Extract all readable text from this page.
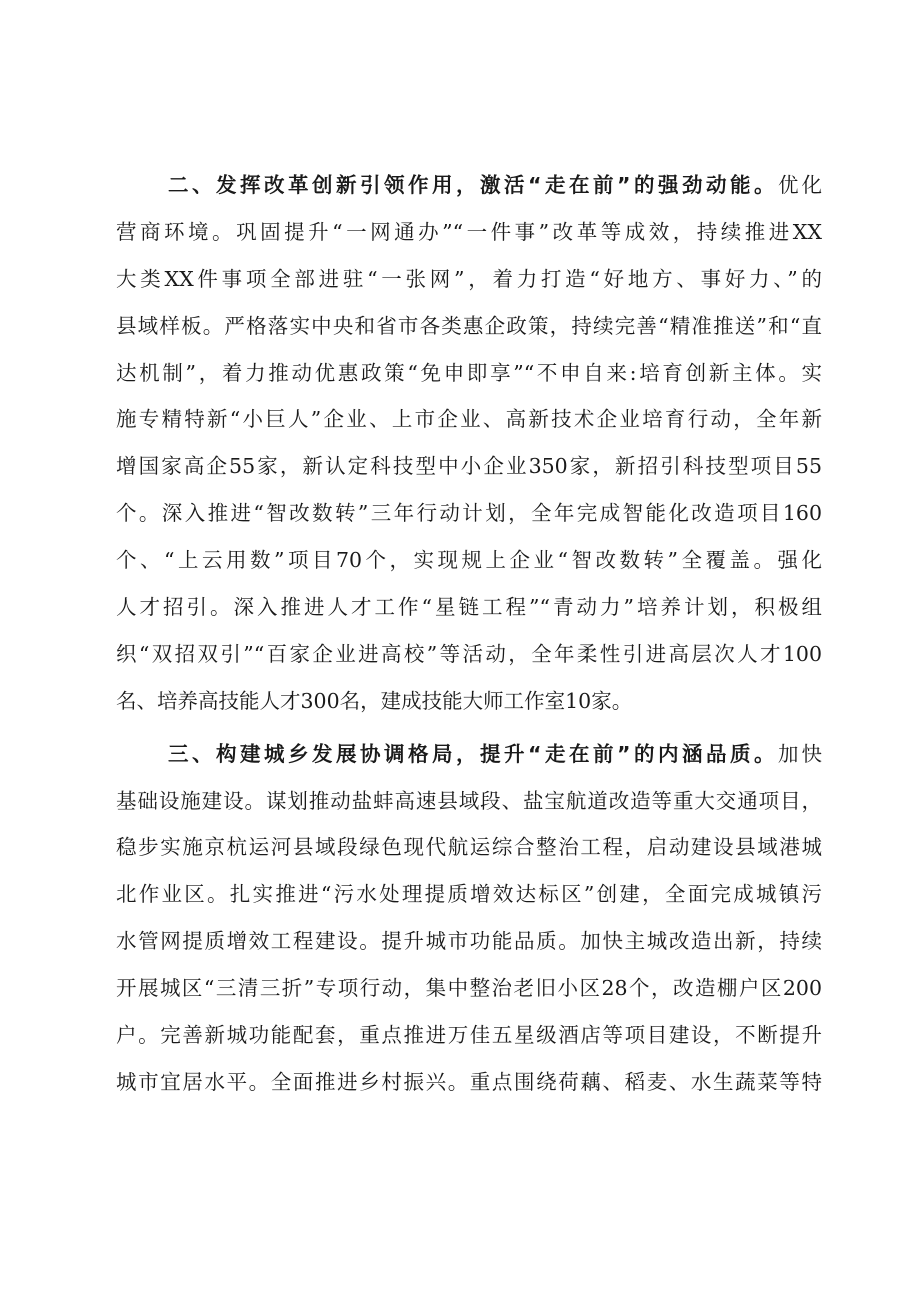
二、发挥改革创新引领作用，激活“走在前”的强劲动能。优化
营商环境。巩固提升“一网通办”“一件事”改革等成效，持续推进XX
大类XX件事项全部进驻“一张网”，着力打造“好地方、事好力、”的
县域样板。严格落实中央和省市各类惠企政策，持续完善“精准推送”和“直
达机制”，着力推动优惠政策“免申即享”“不申自来:培育创新主体。实
施专精特新“小巨人”企业、上市企业、高新技术企业培育行动，全年新
增国家高企55家，新认定科技型中小企业350家，新招引科技型项目55
个。深入推进“智改数转”三年行动计划，全年完成智能化改造项目160
个、“上云用数”项目70个，实现规上企业“智改数转”全覆盖。强化
人才招引。深入推进人才工作“星链工程”“青动力”培养计划，积极组
织“双招双引”“百家企业进高校”等活动，全年柔性引进高层次人才100
名、培养高技能人才300名，建成技能大师工作室10家。
三、构建城乡发展协调格局，提升“走在前”的内涵品质。加快
基础设施建设。谋划推动盐蚌高速县域段、盐宝航道改造等重大交通项目，
稳步实施京杭运河县域段绿色现代航运综合整治工程，启动建设县域港城
北作业区。扎实推进“污水处理提质增效达标区”创建，全面完成城镇污
水管网提质增效工程建设。提升城市功能品质。加快主城改造出新，持续
开展城区“三清三折”专项行动，集中整治老旧小区28个，改造棚户区200
户。完善新城功能配套，重点推进万佳五星级酒店等项目建设，不断提升
城市宜居水平。全面推进乡村振兴。重点围绕荷藕、稻麦、水生蔬菜等特
